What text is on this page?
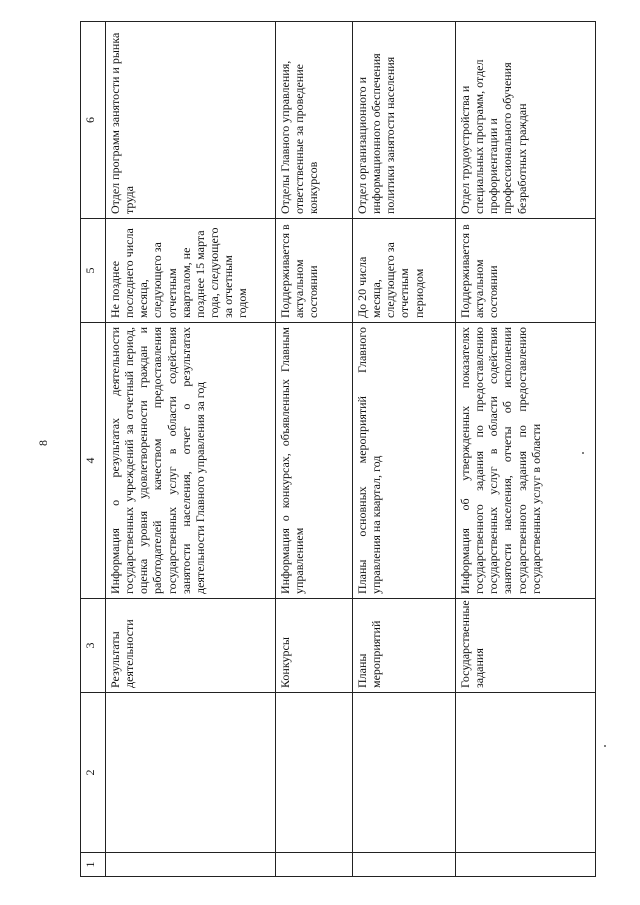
8
1	2	3	4	5	6
		Результаты деятельности	Информация о результатах деятельности государственных учреждений за отчетный период, оценка уровня удовлетворенности граждан и работодателей качеством предоставления государственных услуг в области содействия занятости населения, отчет о результатах деятельности Главного управления за год	Не позднее последнего числа месяца, следующего за отчетным кварталом, не позднее 15 марта года, следующего за отчетным годом	Отдел программ занятости и рынка труда
		Конкурсы	Информация о конкурсах, объявленных Главным управлением	Поддерживается в актуальном состоянии	Отделы Главного управления, ответственные за проведение конкурсов
		Планы мероприятий	Планы основных мероприятий Главного управления на квартал, год	До 20 числа месяца, следующего за отчетным периодом	Отдел организационного и информационного обеспечения политики занятости населения
		Государственные задания	Информация об утвержденных показателях государственного задания по предоставлению государственных услуг в области содействия занятости населения, отчеты об исполнении государственного задания по предоставлению государственных услуг в области	Поддерживается в актуальном состоянии	Отдел трудоустройства и специальных программ, отдел профориентации и профессионального обучения безработных граждан
